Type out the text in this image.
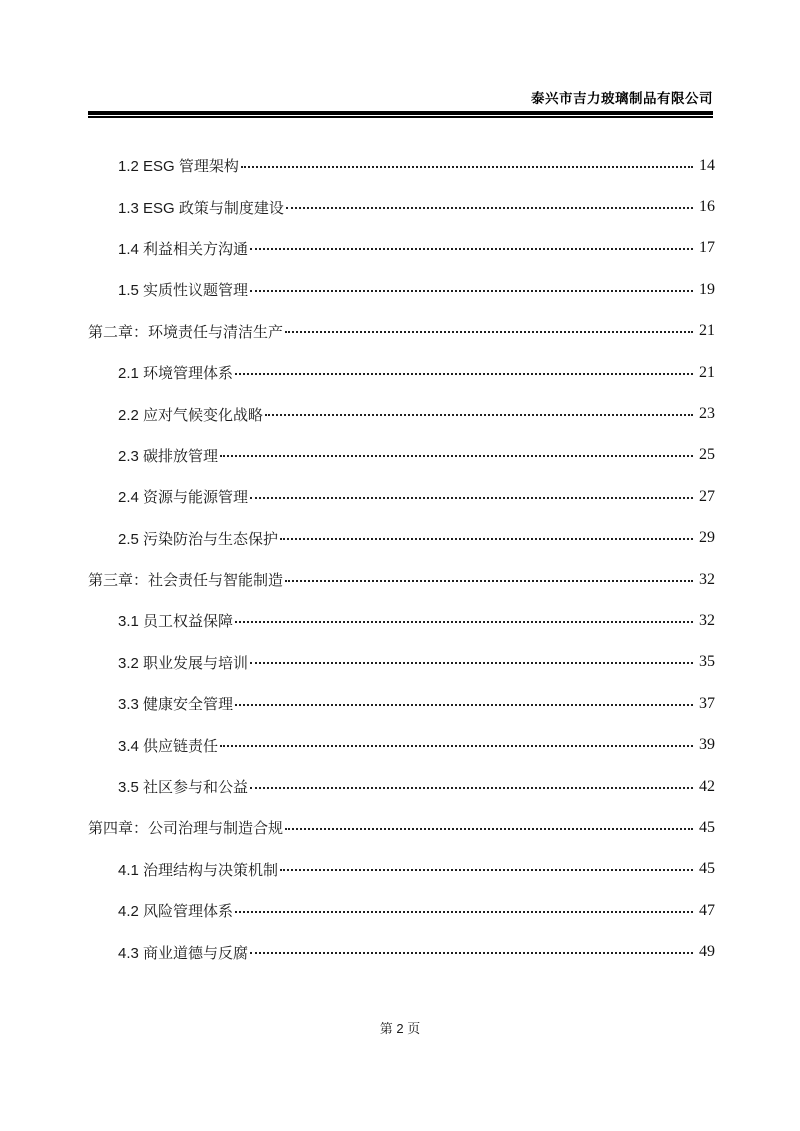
泰兴市吉力玻璃制品有限公司
1.2 ESG 管理架构	14
1.3 ESG 政策与制度建设	16
1.4 利益相关方沟通	17
1.5 实质性议题管理	19
第二章：环境责任与清洁生产	21
2.1 环境管理体系	21
2.2 应对气候变化战略	23
2.3 碳排放管理	25
2.4 资源与能源管理	27
2.5 污染防治与生态保护	29
第三章：社会责任与智能制造	32
3.1 员工权益保障	32
3.2 职业发展与培训	35
3.3 健康安全管理	37
3.4 供应链责任	39
3.5 社区参与和公益	42
第四章：公司治理与制造合规	45
4.1 治理结构与决策机制	45
4.2 风险管理体系	47
4.3 商业道德与反腐	49
第 2 页
